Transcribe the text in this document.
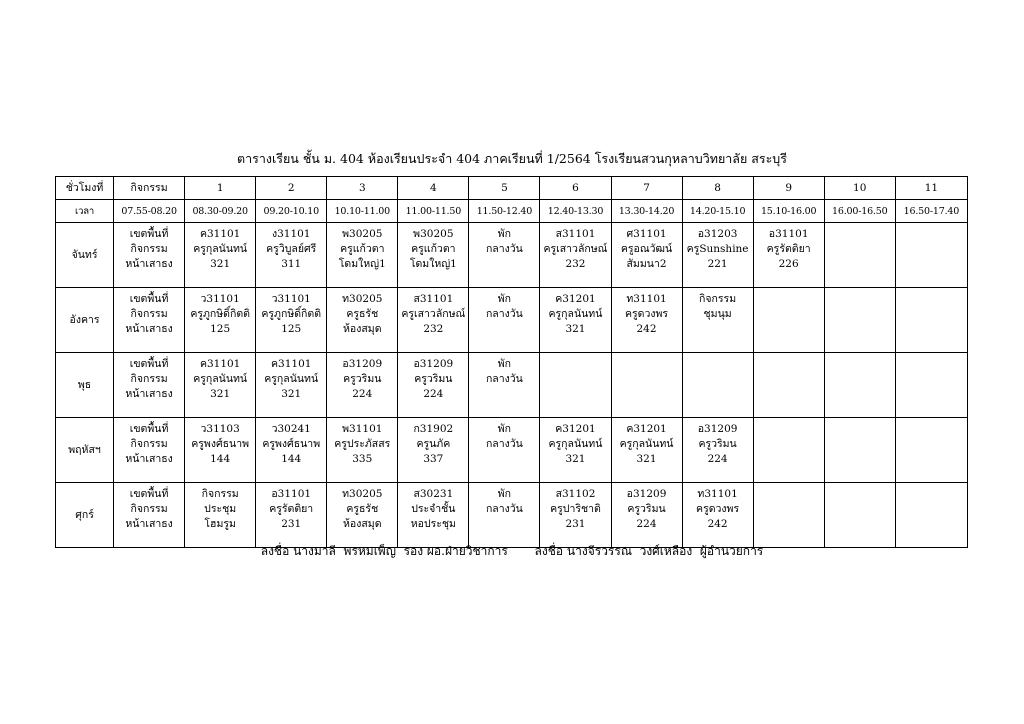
ตารางเรียน ชั้น ม. 404 ห้องเรียนประจำ 404 ภาคเรียนที่ 1/2564 โรงเรียนสวนกุหลาบวิทยาลัย สระบุรี
ชั่วโมงที่	กิจกรรม	1	2	3	4	5	6	7	8	9	10	11
เวลา	07.55-08.20	08.30-09.20	09.20-10.10	10.10-11.00	11.00-11.50	11.50-12.40	12.40-13.30	13.30-14.20	14.20-15.10	15.10-16.00	16.00-16.50	16.50-17.40
จันทร์	เขตพื้นที่
กิจกรรม
หน้าเสาธง	ค31101
ครูกุลนันทน์
321	ง31101
ครูวิบูลย์ศรี
311	พ30205
ครูแก้วตา
โดมใหญ่1	พ30205
ครูแก้วตา
โดมใหญ่1	พัก
กลางวัน	ส31101
ครูเสาวลักษณ์
232	ศ31101
ครูอณวัฒน์
สัมมนา2	อ31203
ครูSunshine
221	อ31101
ครูรัตติยา
226		

อังคาร	เขตพื้นที่
กิจกรรม
หน้าเสาธง	ว31101
ครูภูกษิดิ์กิตติ
125	ว31101
ครูภูกษิดิ์กิตติ
125	ท30205
ครูธรัช
ห้องสมุด	ส31101
ครูเสาวลักษณ์
232	พัก
กลางวัน	ค31201
ครูกุลนันทน์
321	ท31101
ครูดวงพร
242	กิจกรรม
ชุมนุม			

พุธ	เขตพื้นที่
กิจกรรม
หน้าเสาธง	ค31101
ครูกุลนันทน์
321	ค31101
ครูกุลนันทน์
321	อ31209
ครูวริมน
224	อ31209
ครูวริมน
224	พัก
กลางวัน						

พฤหัสฯ	เขตพื้นที่
กิจกรรม
หน้าเสาธง	ว31103
ครูพงศ์ธนาพ
144	ว30241
ครูพงศ์ธนาพ
144	พ31101
ครูประภัสสร
335	ก31902
ครูนภัค
337	พัก
กลางวัน	ค31201
ครูกุลนันทน์
321	ค31201
ครูกุลนันทน์
321	อ31209
ครูวริมน
224			

ศุกร์	เขตพื้นที่
กิจกรรม
หน้าเสาธง	กิจกรรม
ประชุม
โฮมรูม	อ31101
ครูรัตติยา
231	ท30205
ครูธรัช
ห้องสมุด	ส30231
ประจำชั้น
หอประชุม	พัก
กลางวัน	ส31102
ครูปาริชาติ
231	อ31209
ครูวริมน
224	ท31101
ครูดวงพร
242			

ลงชื่อ นางมาลี  พรหมเพ็ญ  รอง ผอ.ฝ่ายวิชาการ ลงชื่อ นางจีรวรรณ  วงศ์เหลือง  ผู้อำนวยการ
